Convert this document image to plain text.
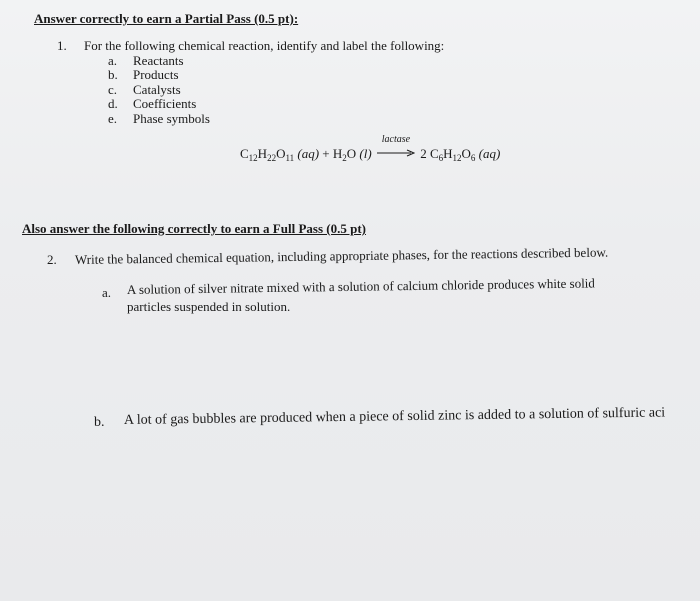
Answer correctly to earn a Partial Pass (0.5 pt):
1. For the following chemical reaction, identify and label the following:
a. Reactants
b. Products
c. Catalysts
d. Coefficients
e. Phase symbols
$C_{12}H_{22}O_{11}$ $(aq) + H_2O$ (l)
lactase
2 $C_6H_{12}O_6$ (aq)
Also answer the following correctly to earn a Full Pass (0.5 pt)
2. Write the balanced chemical equation, including appropriate phases, for the reactions described below.
a. A solution of silver nitrate mixed with a solution of calcium chloride produces white solid
particles suspended in solution.
b. A lot of gas bubbles are produced when a piece of solid zinc is added to a solution of sulfuric aci
